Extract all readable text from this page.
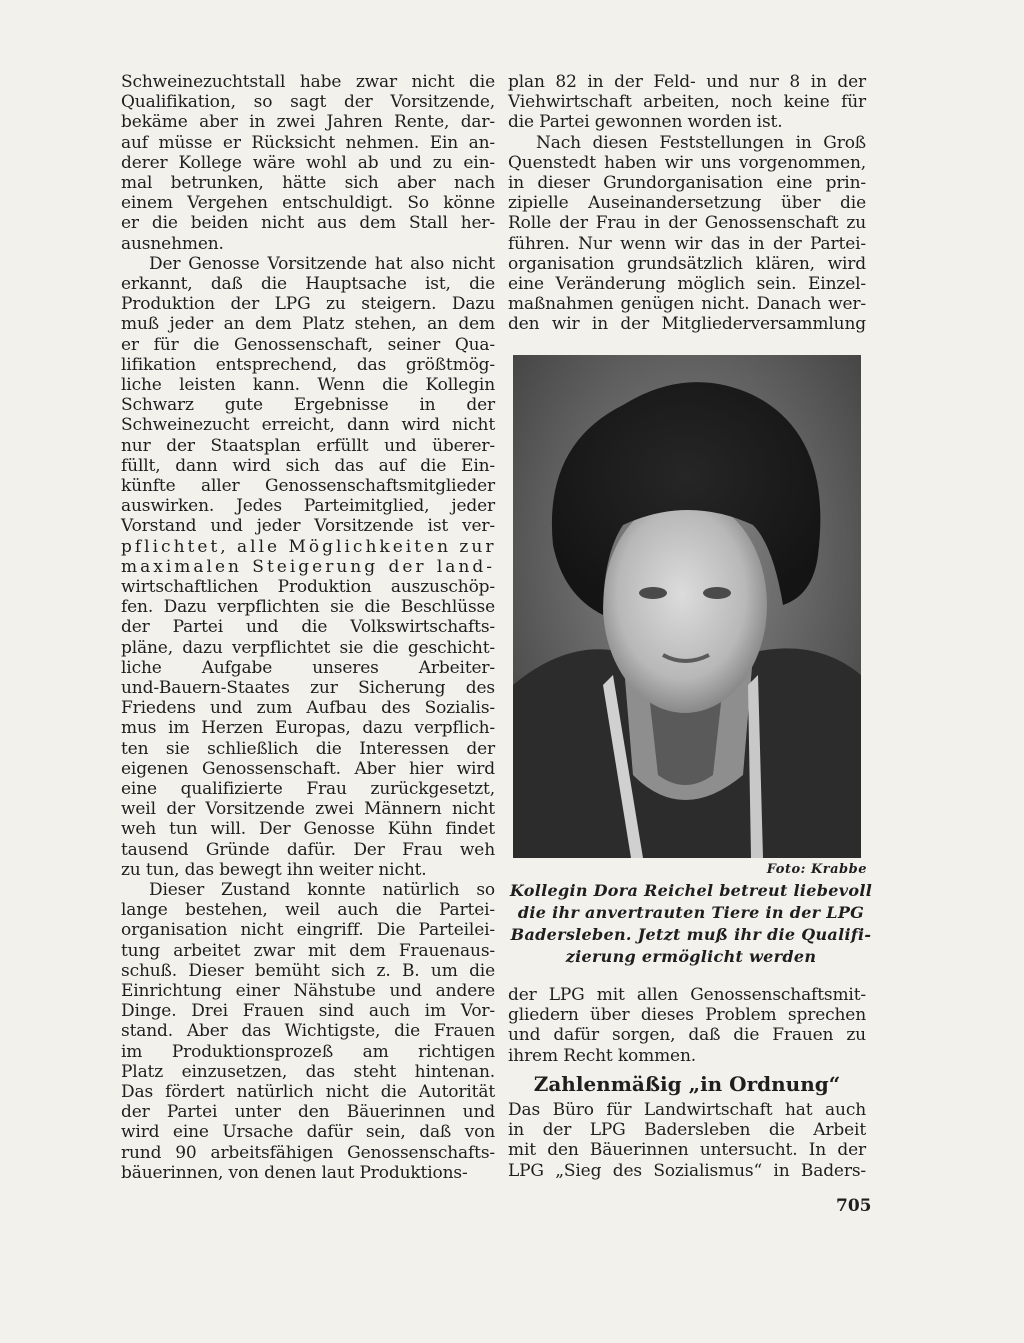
Schweinezuchtstall habe zwar nicht die
Qualifikation, so sagt der Vorsitzende,
bekäme aber in zwei Jahren Rente, dar-
auf müsse er Rücksicht nehmen. Ein an-
derer Kollege wäre wohl ab und zu ein-
mal betrunken, hätte sich aber nach
einem Vergehen entschuldigt. So könne
er die beiden nicht aus dem Stall her-
ausnehmen.
Der Genosse Vorsitzende hat also nicht
erkannt, daß die Hauptsache ist, die
Produktion der LPG zu steigern. Dazu
muß jeder an dem Platz stehen, an dem
er für die Genossenschaft, seiner Qua-
lifikation entsprechend, das größtmög-
liche leisten kann. Wenn die Kollegin
Schwarz gute Ergebnisse in der
Schweinezucht erreicht, dann wird nicht
nur der Staatsplan erfüllt und überer-
füllt, dann wird sich das auf die Ein-
künfte aller Genossenschaftsmitglieder
auswirken. Jedes Parteimitglied, jeder
Vorstand und jeder Vorsitzende ist ver-
pflichtet, alle Möglichkeiten zur
maximalen Steigerung der land-
wirtschaftlichen Produktion auszuschöp-
fen. Dazu verpflichten sie die Beschlüsse
der Partei und die Volkswirtschafts-
pläne, dazu verpflichtet sie die geschicht-
liche Aufgabe unseres Arbeiter-
und-Bauern-Staates zur Sicherung des
Friedens und zum Aufbau des Sozialis-
mus im Herzen Europas, dazu verpflich-
ten sie schließlich die Interessen der
eigenen Genossenschaft. Aber hier wird
eine qualifizierte Frau zurückgesetzt,
weil der Vorsitzende zwei Männern nicht
weh tun will. Der Genosse Kühn findet
tausend Gründe dafür. Der Frau weh
zu tun, das bewegt ihn weiter nicht.
Dieser Zustand konnte natürlich so
lange bestehen, weil auch die Partei-
organisation nicht eingriff. Die Parteilei-
tung arbeitet zwar mit dem Frauenaus-
schuß. Dieser bemüht sich z. B. um die
Einrichtung einer Nähstube und andere
Dinge. Drei Frauen sind auch im Vor-
stand. Aber das Wichtigste, die Frauen
im Produktionsprozeß am richtigen
Platz einzusetzen, das steht hintenan.
Das fördert natürlich nicht die Autorität
der Partei unter den Bäuerinnen und
wird eine Ursache dafür sein, daß von
rund 90 arbeitsfähigen Genossenschafts-
bäuerinnen, von denen laut Produktions-
plan 82 in der Feld- und nur 8 in der
Viehwirtschaft arbeiten, noch keine für
die Partei gewonnen worden ist.
Nach diesen Feststellungen in Groß
Quenstedt haben wir uns vorgenommen,
in dieser Grundorganisation eine prin-
zipielle Auseinandersetzung über die
Rolle der Frau in der Genossenschaft zu
führen. Nur wenn wir das in der Partei-
organisation grundsätzlich klären, wird
eine Veränderung möglich sein. Einzel-
maßnahmen genügen nicht. Danach wer-
den wir in der Mitgliederversammlung
Foto: Krabbe
Kollegin Dora Reichel betreut liebevoll
die ihr anvertrauten Tiere in der LPG
Badersleben. Jetzt muß ihr die Qualifi-
zierung ermöglicht werden
der LPG mit allen Genossenschaftsmit-
gliedern über dieses Problem sprechen
und dafür sorgen, daß die Frauen zu
ihrem Recht kommen.
Das Büro für Landwirtschaft hat auch
in der LPG Badersleben die Arbeit
mit den Bäuerinnen untersucht. In der
LPG „Sieg des Sozialismus“ in Baders-
Zahlenmäßig „in Ordnung“
705
